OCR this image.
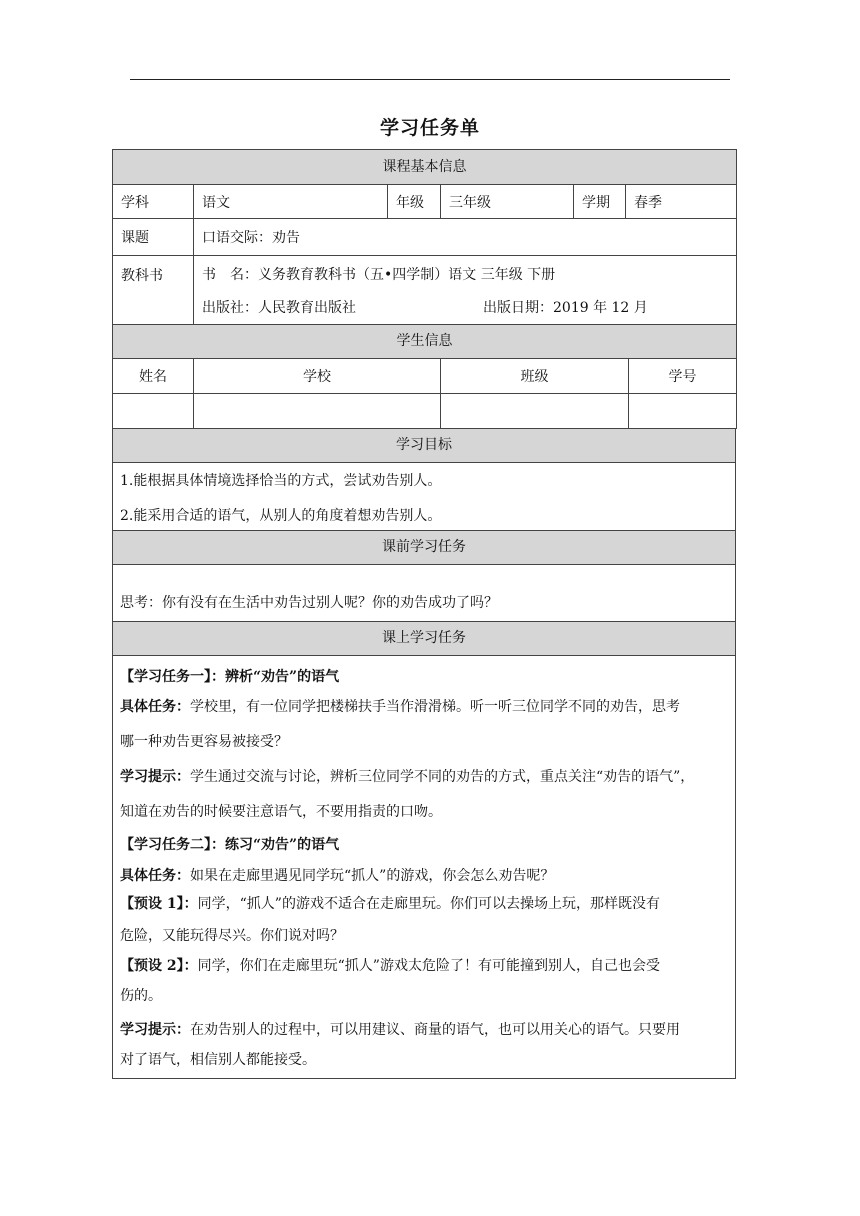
学习任务单
课程基本信息					
学科	语文	年级	三年级	学期	春季
课题	口语交际：劝告				
教科书	书　名：义务教育教科书（五•四学制）语文 三年级 下册
出版社：人民教育出版社 出版日期：2019 年 12 月				
学生信息			
姓名	学校	班级	学号

学习目标
1.能根据具体情境选择恰当的方式，尝试劝告别人。
2.能采用合适的语气，从别人的角度着想劝告别人。
课前学习任务
思考：你有没有在生活中劝告过别人呢？你的劝告成功了吗？
课上学习任务
【学习任务一】：辨析“劝告”的语气
具体任务：学校里，有一位同学把楼梯扶手当作滑滑梯。听一听三位同学不同的劝告，思考
哪一种劝告更容易被接受？
学习提示：学生通过交流与讨论，辨析三位同学不同的劝告的方式，重点关注“劝告的语气”，
知道在劝告的时候要注意语气，不要用指责的口吻。
【学习任务二】：练习“劝告”的语气
具体任务：如果在走廊里遇见同学玩“抓人”的游戏，你会怎么劝告呢？
【预设 1】：同学，“抓人”的游戏不适合在走廊里玩。你们可以去操场上玩，那样既没有
危险，又能玩得尽兴。你们说对吗？
【预设 2】：同学，你们在走廊里玩“抓人”游戏太危险了！有可能撞到别人，自己也会受
伤的。
学习提示：在劝告别人的过程中，可以用建议、商量的语气，也可以用关心的语气。只要用
对了语气，相信别人都能接受。
